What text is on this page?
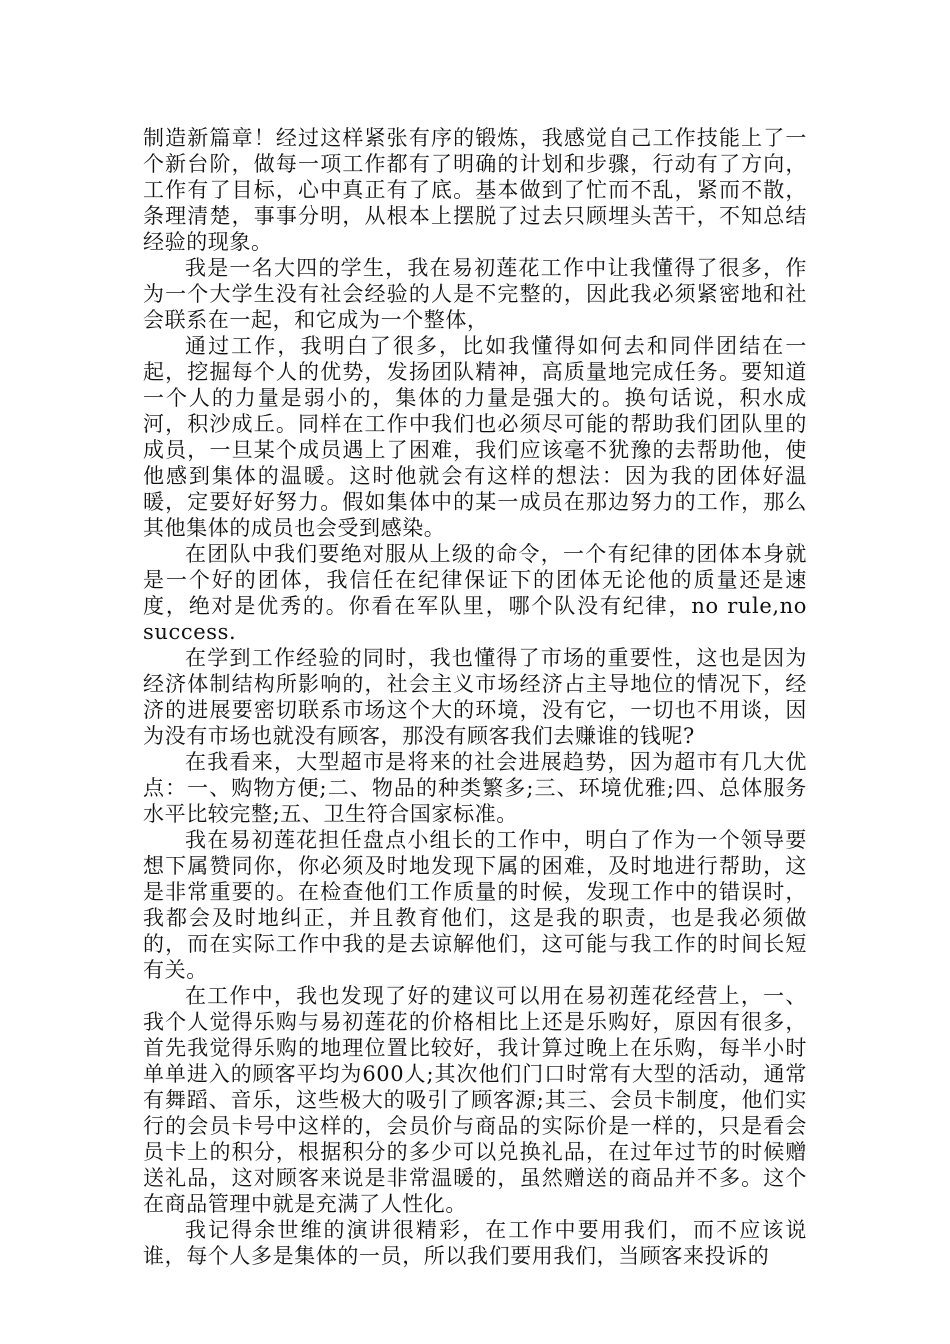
制造新篇章！经过这样紧张有序的锻炼，我感觉自己工作技能上了一个新台阶，做每一项工作都有了明确的计划和步骤，行动有了方向，工作有了目标，心中真正有了底。基本做到了忙而不乱，紧而不散，条理清楚，事事分明，从根本上摆脱了过去只顾埋头苦干，不知总结经验的现象。

我是一名大四的学生，我在易初莲花工作中让我懂得了很多，作为一个大学生没有社会经验的人是不完整的，因此我必须紧密地和社会联系在一起，和它成为一个整体，

通过工作，我明白了很多，比如我懂得如何去和同伴团结在一起，挖掘每个人的优势，发扬团队精神，高质量地完成任务。要知道一个人的力量是弱小的，集体的力量是强大的。换句话说，积水成河，积沙成丘。同样在工作中我们也必须尽可能的帮助我们团队里的成员，一旦某个成员遇上了困难，我们应该毫不犹豫的去帮助他，使他感到集体的温暖。这时他就会有这样的想法：因为我的团体好温暖，定要好好努力。假如集体中的某一成员在那边努力的工作，那么其他集体的成员也会受到感染。

在团队中我们要绝对服从上级的命令，一个有纪律的团体本身就是一个好的团体，我信任在纪律保证下的团体无论他的质量还是速度，绝对是优秀的。你看在军队里，哪个队没有纪律，no rule,no success.

在学到工作经验的同时，我也懂得了市场的重要性，这也是因为经济体制结构所影响的，社会主义市场经济占主导地位的情况下，经济的进展要密切联系市场这个大的环境，没有它，一切也不用谈，因为没有市场也就没有顾客，那没有顾客我们去赚谁的钱呢?

在我看来，大型超市是将来的社会进展趋势，因为超市有几大优点：一、购物方便;二、物品的种类繁多;三、环境优雅;四、总体服务水平比较完整;五、卫生符合国家标准。

我在易初莲花担任盘点小组长的工作中，明白了作为一个领导要想下属赞同你，你必须及时地发现下属的困难，及时地进行帮助，这是非常重要的。在检查他们工作质量的时候，发现工作中的错误时，我都会及时地纠正，并且教育他们，这是我的职责，也是我必须做的，而在实际工作中我的是去谅解他们，这可能与我工作的时间长短有关。

在工作中，我也发现了好的建议可以用在易初莲花经营上，一、我个人觉得乐购与易初莲花的价格相比上还是乐购好，原因有很多，首先我觉得乐购的地理位置比较好，我计算过晚上在乐购，每半小时单单进入的顾客平均为600人;其次他们门口时常有大型的活动，通常有舞蹈、音乐，这些极大的吸引了顾客源;其三、会员卡制度，他们实行的会员卡号中这样的，会员价与商品的实际价是一样的，只是看会员卡上的积分，根据积分的多少可以兑换礼品，在过年过节的时候赠送礼品，这对顾客来说是非常温暖的，虽然赠送的商品并不多。这个在商品管理中就是充满了人性化。

我记得余世维的演讲很精彩，在工作中要用我们，而不应该说谁，每个人多是集体的一员，所以我们要用我们，当顾客来投诉的
